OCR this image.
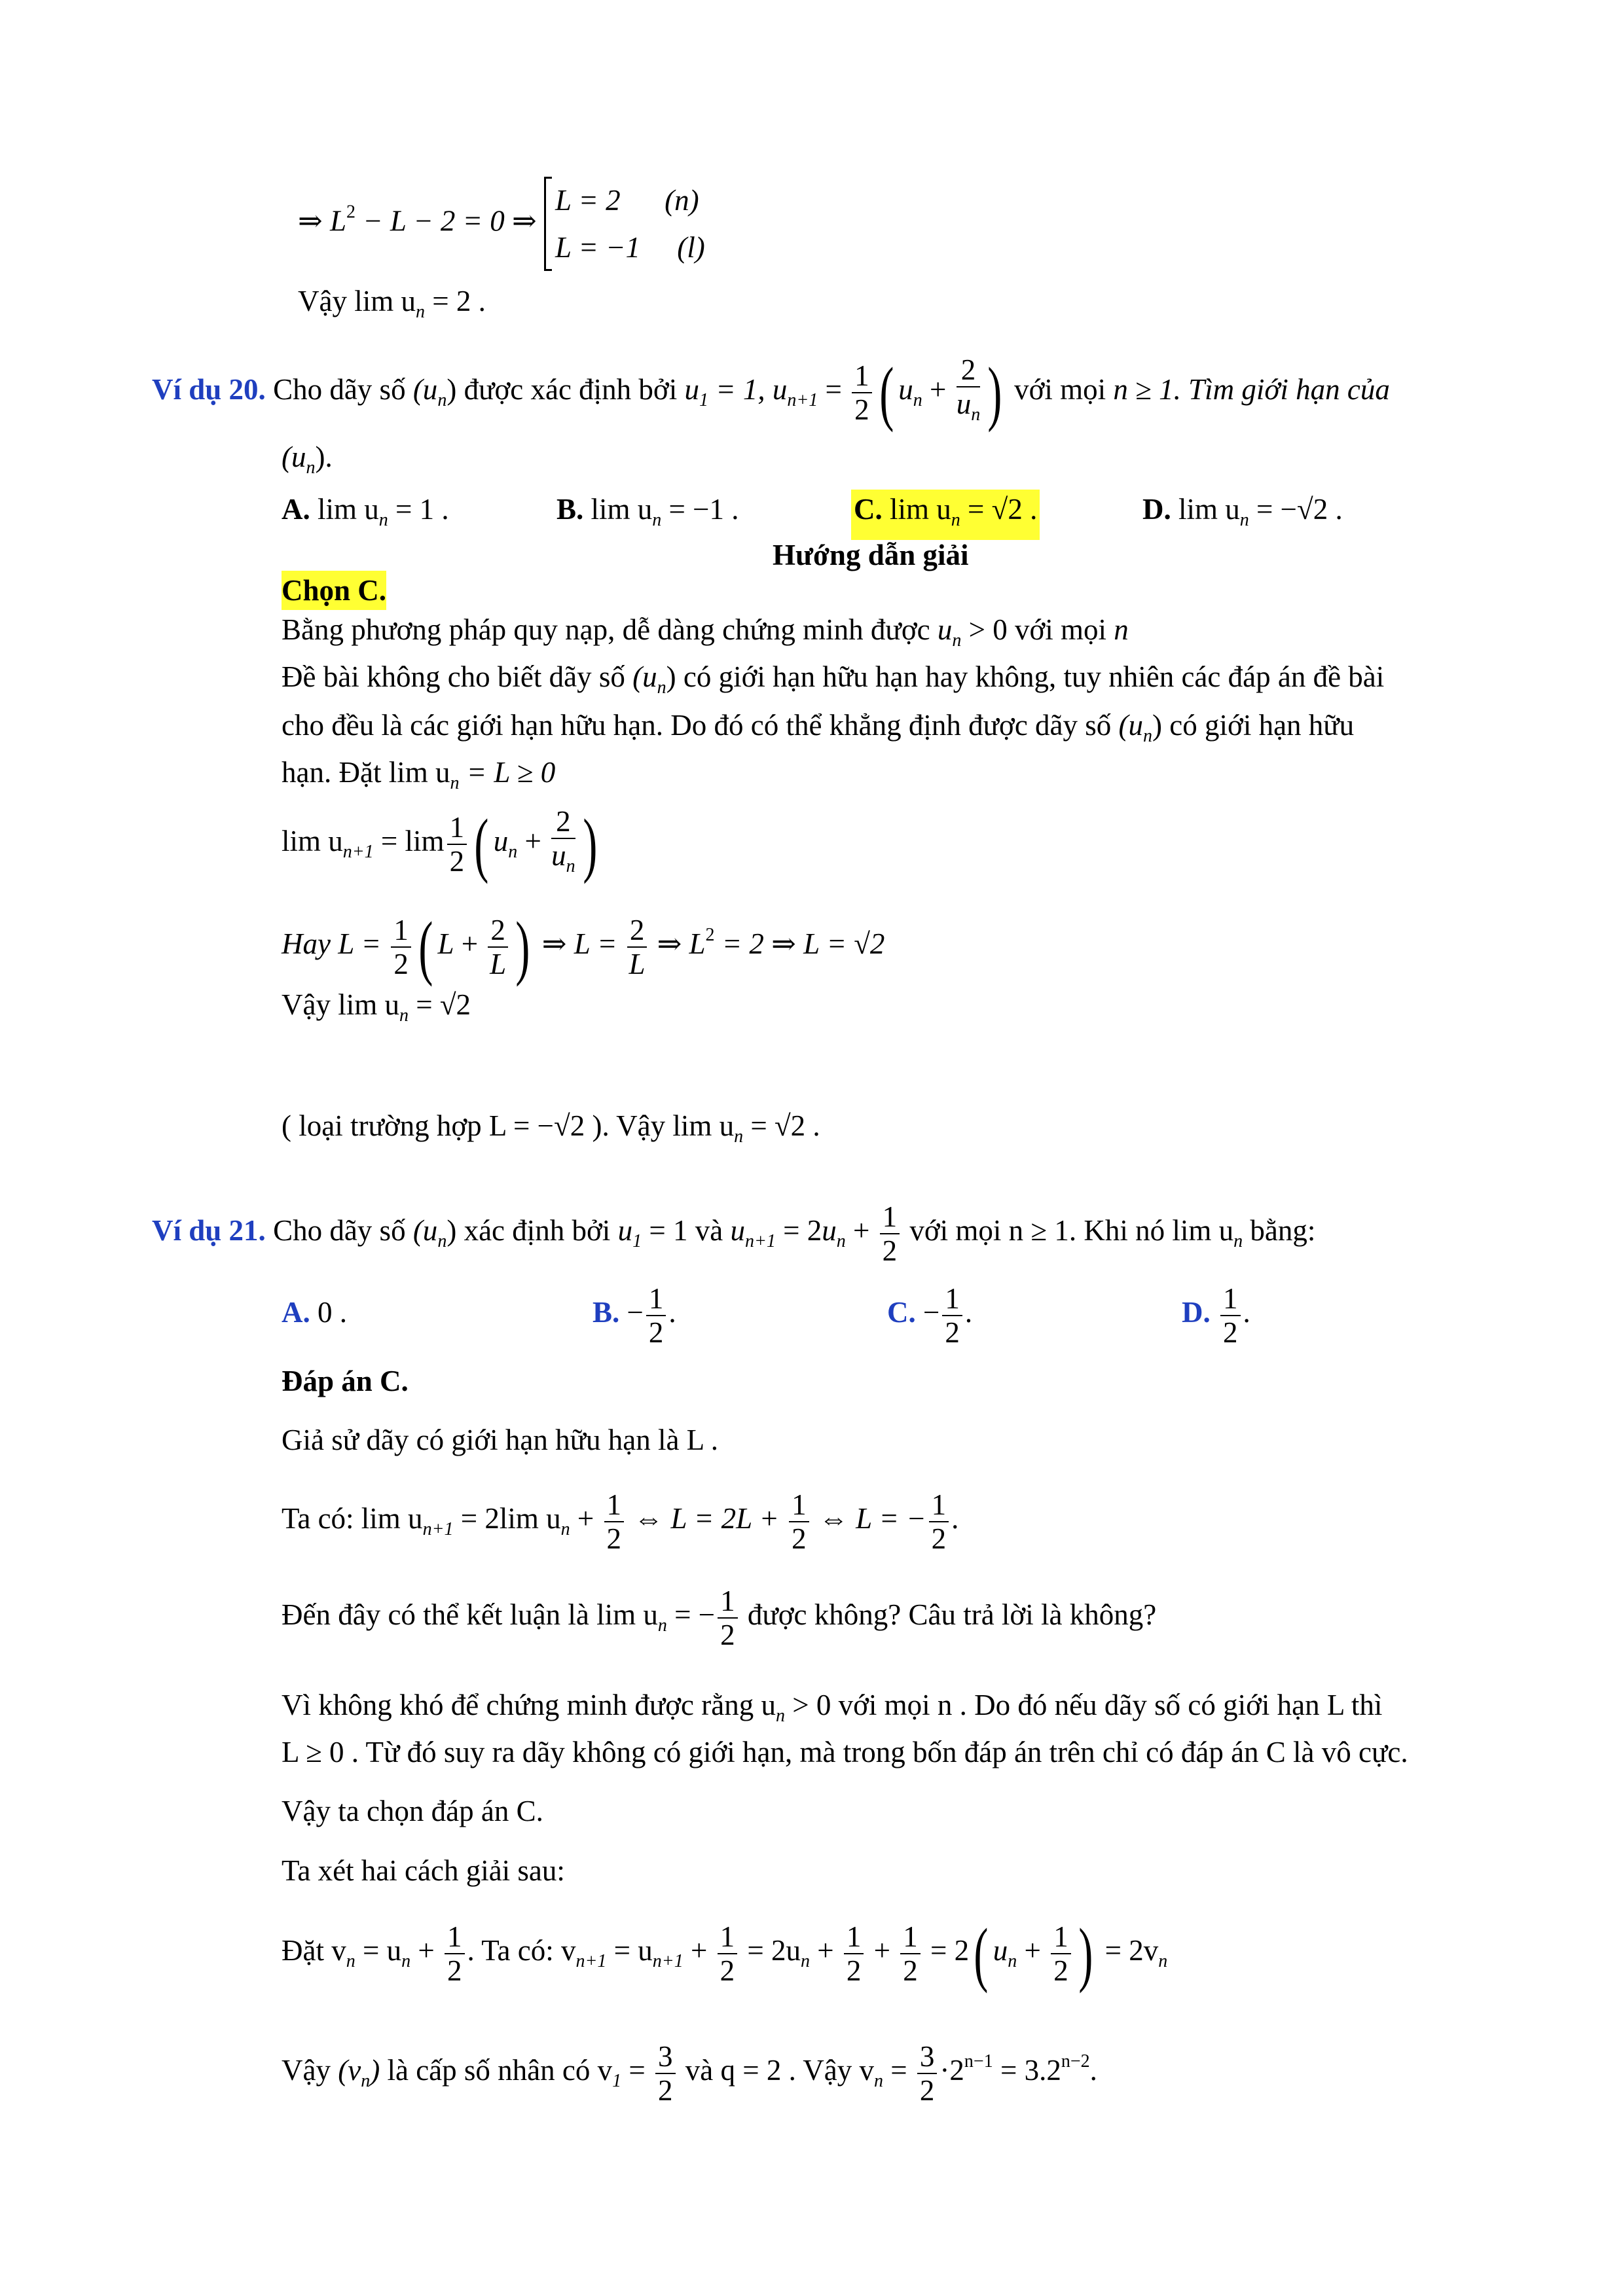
⇒ $L^2 - L - 2 = 0$ ⇒
L = 2 (n)
L = −1 (l)
Vậy $\lim u_n = 2$ .
Ví dụ 20. Cho dãy số $(u_n)$ được xác định bởi $u_1 = 1$, $u_{n+1} = \frac{1}{2}$ ( $u_n + \frac{2}{u_n}$ ) với mọi n ≥ 1. Tìm giới hạn của
$(u_n)$.
A. $\lim u_n = 1$ .	B. $\lim u_n = -1$ .	C. $\lim u_n = √2$ .	D. $\lim u_n = -√2$ .
Hướng dẫn giải
Chọn C.
Bằng phương pháp quy nạp, dễ dàng chứng minh được $u_n > 0$ với mọi n
Đề bài không cho biết dãy số $(u_n)$ có giới hạn hữu hạn hay không, tuy nhiên các đáp án đề bài
cho đều là các giới hạn hữu hạn. Do đó có thể khẳng định được dãy số $(u_n)$ có giới hạn hữu
hạn. Đặt $\lim u_n = L \ge 0$
$\lim u_{n+1} = \lim \frac{1}{2}$ ( $u_n + \frac{2}{u_n}$ )
Hay $L = \frac{1}{2}$ ( $L + \frac{2}{L}$ ) ⇒ $L = \frac{2}{L}$ ⇒ $L^2 = 2$ ⇒ L = √2
Vậy $\lim u_n = √2$
( loại trường hợp L = −√2 ). Vậy $\lim u_n = √2$ .
Ví dụ 21. Cho dãy số $(u_n)$ xác định bởi $u_1 = 1$ và $u_{n+1} = 2u_n + \frac{1}{2}$ với mọi n ≥ 1. Khi nó $\lim u_n$ bằng:
A. 0 .	B. − $\frac{1}{2}$ .	C. − $\frac{1}{2}$ .	D. $\frac{1}{2}$ .
Đáp án C.
Giả sử dãy có giới hạn hữu hạn là L .
Ta có: $\lim u_{n+1} = 2\lim$ $u_n + \frac{1}{2}$ ⇔ $L = 2L + \frac{1}{2}$ ⇔ L = − $\frac{1}{2}$ .
Đến đây có thể kết luận là $\lim u_n$ = − $\frac{1}{2}$ được không? Câu trả lời là không?
Vì không khó để chứng minh được rằng $u_n > 0$ với mọi n . Do đó nếu dãy số có giới hạn L thì
L ≥ 0 . Từ đó suy ra dãy không có giới hạn, mà trong bốn đáp án trên chỉ có đáp án C là vô cực.
Vậy ta chọn đáp án C.
Ta xét hai cách giải sau:
Đặt $v_n = u_n + \frac{1}{2}$ . Ta có: $v_{n+1} = u_{n+1} + \frac{1}{2} = 2u_n + \frac{1}{2} + \frac{1}{2} = 2$( $u_n + \frac{1}{2}$ ) = $2v_n$
Vậy $(v_n)$ là cấp số nhân có $v_1 = \frac{3}{2}$ và q = 2 . Vậy $v_n = \frac{3}{2} \cdot 2^{n-1} = 3.2^{n-2}$.
